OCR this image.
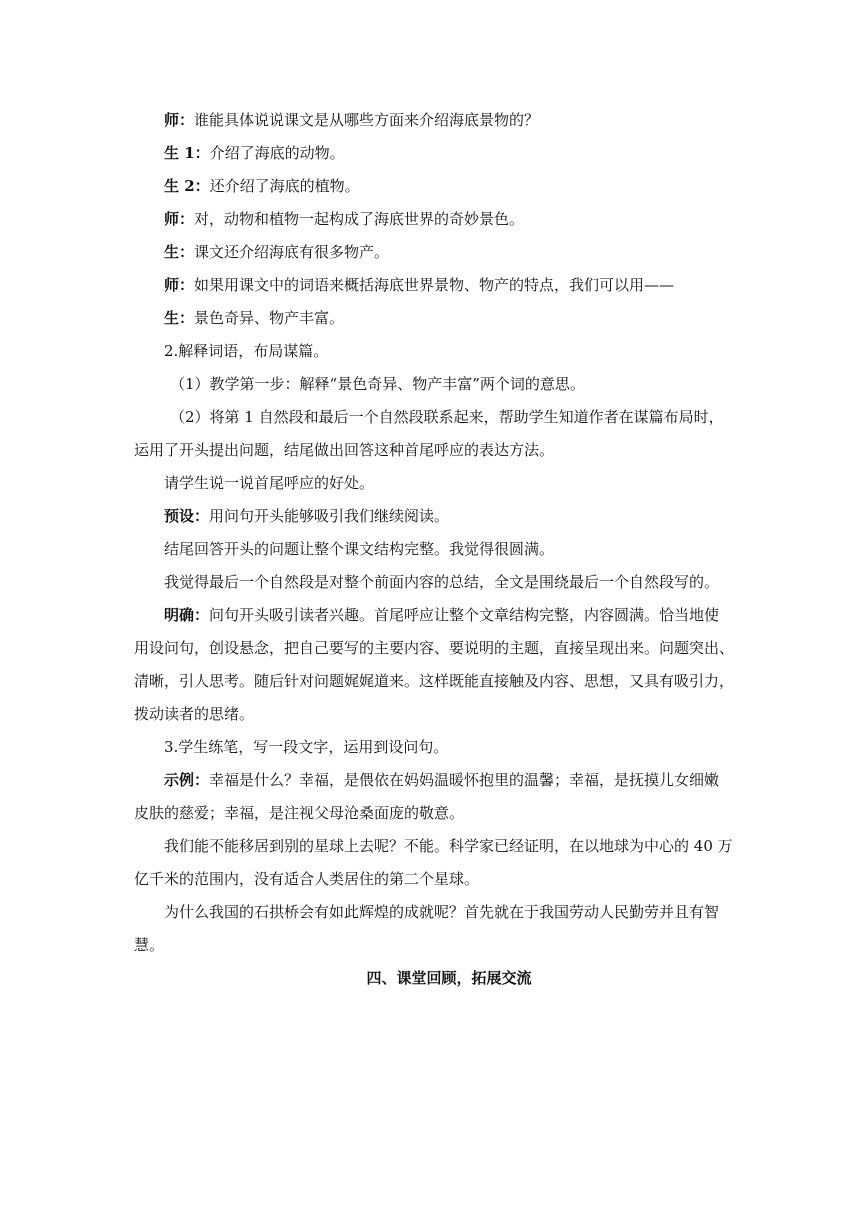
师：谁能具体说说课文是从哪些方面来介绍海底景物的？

生 1：介绍了海底的动物。

生 2：还介绍了海底的植物。

师：对，动物和植物一起构成了海底世界的奇妙景色。

生：课文还介绍海底有很多物产。

师：如果用课文中的词语来概括海底世界景物、物产的特点，我们可以用——

生：景色奇异、物产丰富。

2.解释词语，布局谋篇。

（1）教学第一步：解释“景色奇异、物产丰富”两个词的意思。

（2）将第 1 自然段和最后一个自然段联系起来，帮助学生知道作者在谋篇布局时，运用了开头提出问题，结尾做出回答这种首尾呼应的表达方法。

请学生说一说首尾呼应的好处。

预设：用问句开头能够吸引我们继续阅读。

结尾回答开头的问题让整个课文结构完整。我觉得很圆满。

我觉得最后一个自然段是对整个前面内容的总结，全文是围绕最后一个自然段写的。

明确：问句开头吸引读者兴趣。首尾呼应让整个文章结构完整，内容圆满。恰当地使用设问句，创设悬念，把自己要写的主要内容、要说明的主题，直接呈现出来。问题突出、清晰，引人思考。随后针对问题娓娓道来。这样既能直接触及内容、思想，又具有吸引力，拨动读者的思绪。

3.学生练笔，写一段文字，运用到设问句。

示例：幸福是什么？幸福，是偎依在妈妈温暖怀抱里的温馨；幸福，是抚摸儿女细嫩皮肤的慈爱；幸福，是注视父母沧桑面庞的敬意。

我们能不能移居到别的星球上去呢？不能。科学家已经证明，在以地球为中心的 40 万亿千米的范围内，没有适合人类居住的第二个星球。

为什么我国的石拱桥会有如此辉煌的成就呢？首先就在于我国劳动人民勤劳并且有智慧。

四、课堂回顾，拓展交流
